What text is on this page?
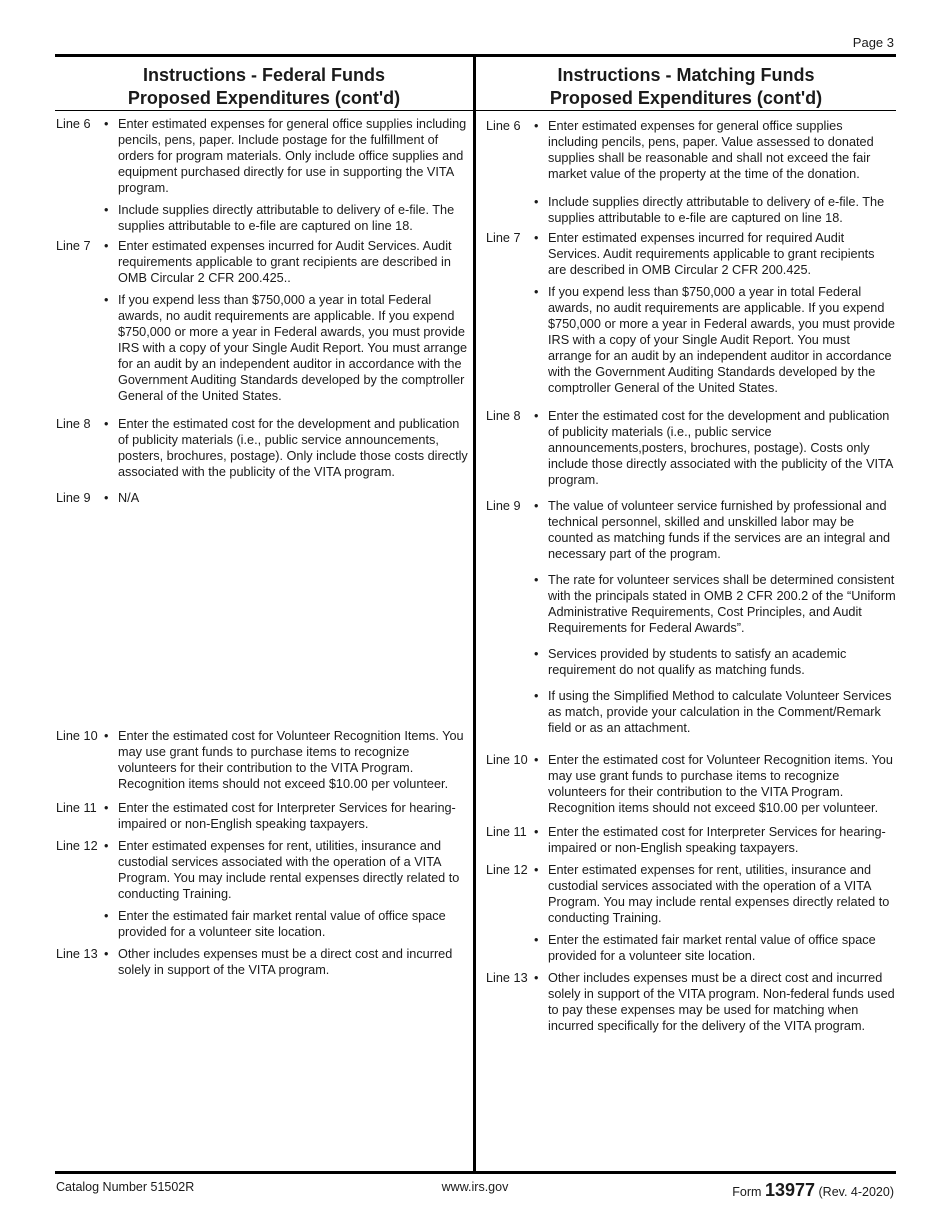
Page 3
Instructions - Federal Funds
Proposed Expenditures (cont'd)
Instructions - Matching Funds
Proposed Expenditures (cont'd)
Line 6 • Enter estimated expenses for general office supplies including pencils, pens, paper. Include postage for the fulfillment of orders for program materials. Only include office supplies and equipment purchased directly for use in supporting the VITA program.
• Include supplies directly attributable to delivery of e-file. The supplies attributable to e-file are captured on line 18.
Line 7 • Enter estimated expenses incurred for Audit Services. Audit requirements applicable to grant recipients are described in OMB Circular 2 CFR 200.425..
• If you expend less than $750,000 a year in total Federal awards, no audit requirements are applicable. If you expend $750,000 or more a year in Federal awards, you must provide IRS with a copy of your Single Audit Report. You must arrange for an audit by an independent auditor in accordance with the Government Auditing Standards developed by the comptroller General of the United States.
Line 8 • Enter the estimated cost for the development and publication of publicity materials (i.e., public service announcements, posters, brochures, postage). Only include those costs directly associated with the publicity of the VITA program.
Line 9 • N/A
Line 10 • Enter the estimated cost for Volunteer Recognition Items. You may use grant funds to purchase items to recognize volunteers for their contribution to the VITA Program. Recognition items should not exceed $10.00 per volunteer.
Line 11 • Enter the estimated cost for Interpreter Services for hearing- impaired or non-English speaking taxpayers.
Line 12 • Enter estimated expenses for rent, utilities, insurance and custodial services associated with the operation of a VITA Program. You may include rental expenses directly related to conducting Training.
• Enter the estimated fair market rental value of office space provided for a volunteer site location.
Line 13 • Other includes expenses must be a direct cost and incurred solely in support of the VITA program.
Line 6 • Enter estimated expenses for general office supplies including pencils, pens, paper. Value assessed to donated supplies shall be reasonable and shall not exceed the fair market value of the property at the time of the donation.
• Include supplies directly attributable to delivery of e-file. The supplies attributable to e-file are captured on line 18.
Line 7 • Enter estimated expenses incurred for required Audit Services. Audit requirements applicable to grant recipients are described in OMB Circular 2 CFR 200.425.
• If you expend less than $750,000 a year in total Federal awards, no audit requirements are applicable. If you expend $750,000 or more a year in Federal awards, you must provide IRS with a copy of your Single Audit Report. You must arrange for an audit by an independent auditor in accordance with the Government Auditing Standards developed by the comptroller General of the United States.
Line 8 • Enter the estimated cost for the development and publication of publicity materials (i.e., public service announcements,posters, brochures, postage). Costs only include those directly associated with the publicity of the VITA program.
Line 9 • The value of volunteer service furnished by professional and technical personnel, skilled and unskilled labor may be counted as matching funds if the services are an integral and necessary part of the program.
• The rate for volunteer services shall be determined consistent with the principals stated in OMB 2 CFR 200.2 of the “Uniform Administrative Requirements, Cost Principles, and Audit Requirements for Federal Awards”.
• Services provided by students to satisfy an academic requirement do not qualify as matching funds.
• If using the Simplified Method to calculate Volunteer Services as match, provide your calculation in the Comment/Remark field or as an attachment.
Line 10 • Enter the estimated cost for Volunteer Recognition items. You may use grant funds to purchase items to recognize volunteers for their contribution to the VITA Program. Recognition items should not exceed $10.00 per volunteer.
Line 11 • Enter the estimated cost for Interpreter Services for hearing-impaired or non-English speaking taxpayers.
Line 12 • Enter estimated expenses for rent, utilities, insurance and custodial services associated with the operation of a VITA Program. You may include rental expenses directly related to conducting Training.
• Enter the estimated fair market rental value of office space provided for a volunteer site location.
Line 13 • Other includes expenses must be a direct cost and incurred solely in support of the VITA program. Non-federal funds used to pay these expenses may be used for matching when incurred specifically for the delivery of the VITA program.
Catalog Number 51502R	www.irs.gov	Form 13977 (Rev. 4-2020)
